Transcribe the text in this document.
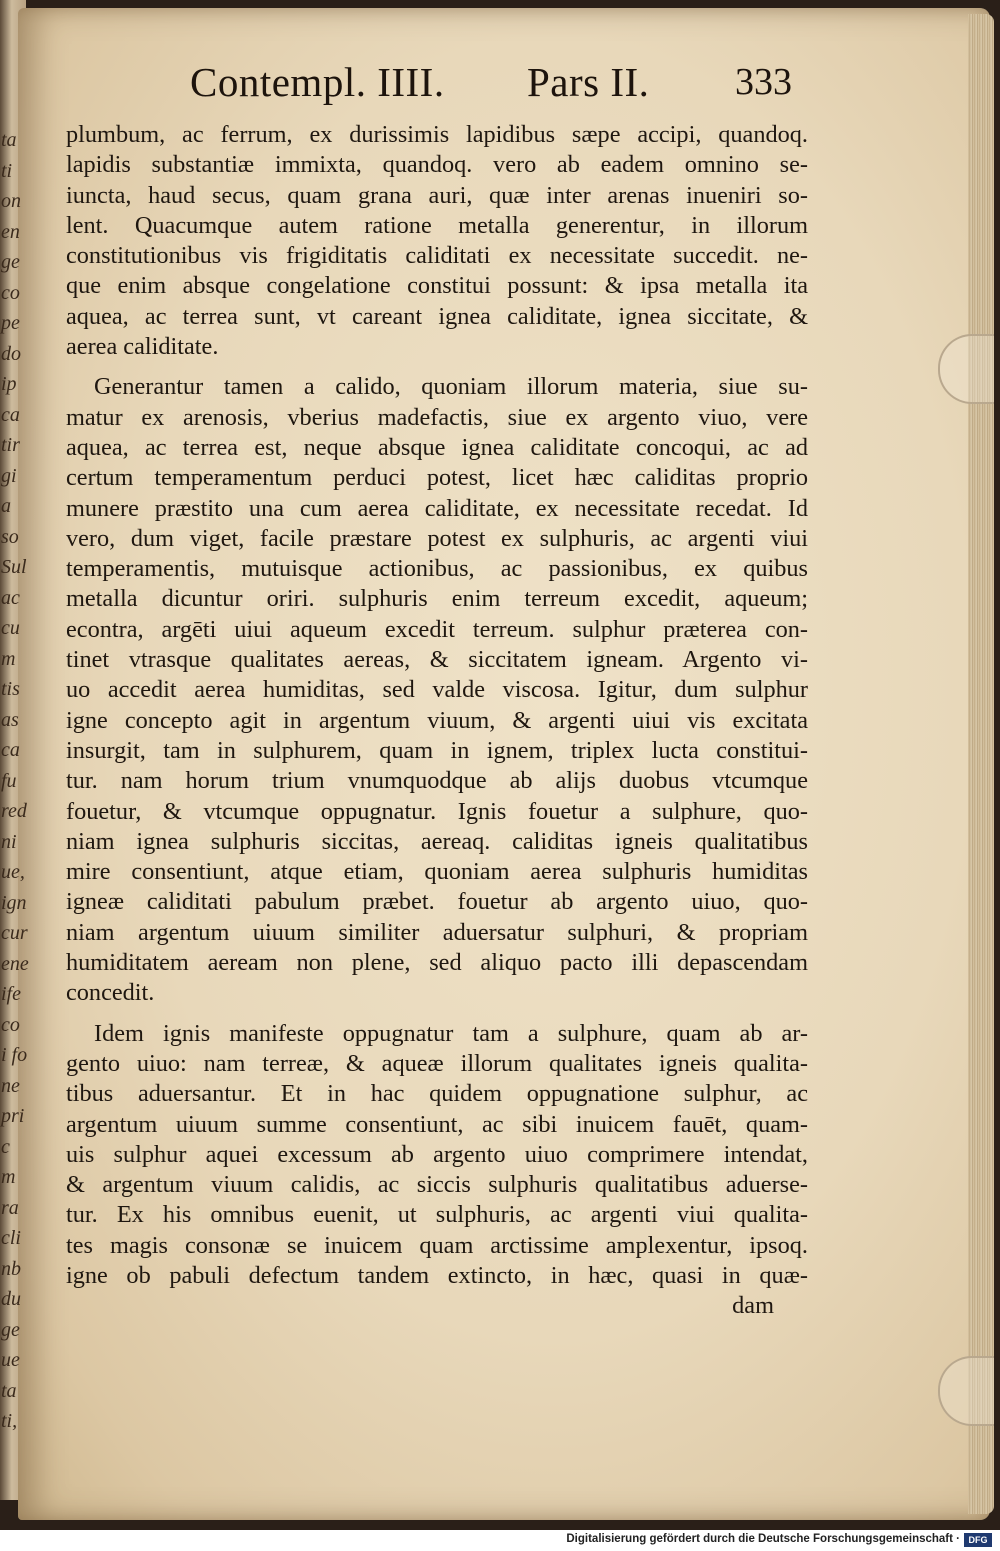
ta
ti
on
en
ge
co
pe
do
ip
ca
tir
gi
a
so
Sul
ac
cu
m
tis
as
ca
fu
red
ni
ue,
ign
cur
ene
ife
co
i fo
ne
pri
c
m
ra
cli
nb
du
ge
ue
ta
ti,
Contempl. IIII. Pars II. 333
plumbum, ac ferrum, ex durissimis lapidibus sæpe accipi, quandoq.
lapidis substantiæ immixta, quandoq. vero ab eadem omnino se-
iuncta, haud secus, quam grana auri, quæ inter arenas inueniri so-
lent. Quacumque autem ratione metalla generentur, in illorum
constitutionibus vis frigiditatis caliditati ex necessitate succedit. ne-
que enim absque congelatione constitui possunt: & ipsa metalla ita
aquea, ac terrea sunt, vt careant ignea caliditate, ignea siccitate, &
aerea caliditate.
Generantur tamen a calido, quoniam illorum materia, siue su-
matur ex arenosis, vberius madefactis, siue ex argento viuo, vere
aquea, ac terrea est, neque absque ignea caliditate concoqui, ac ad
certum temperamentum perduci potest, licet hæc caliditas proprio
munere præstito una cum aerea caliditate, ex necessitate recedat. Id
vero, dum viget, facile præstare potest ex sulphuris, ac argenti viui
temperamentis, mutuisque actionibus, ac passionibus, ex quibus
metalla dicuntur oriri. sulphuris enim terreum excedit, aqueum;
econtra, argēti uiui aqueum excedit terreum. sulphur præterea con-
tinet vtrasque qualitates aereas, & siccitatem igneam. Argento vi-
uo accedit aerea humiditas, sed valde viscosa. Igitur, dum sulphur
igne concepto agit in argentum viuum, & argenti uiui vis excitata
insurgit, tam in sulphurem, quam in ignem, triplex lucta constitui-
tur. nam horum trium vnumquodque ab alijs duobus vtcumque
fouetur, & vtcumque oppugnatur. Ignis fouetur a sulphure, quo-
niam ignea sulphuris siccitas, aereaq. caliditas igneis qualitatibus
mire consentiunt, atque etiam, quoniam aerea sulphuris humiditas
igneæ caliditati pabulum præbet. fouetur ab argento uiuo, quo-
niam argentum uiuum similiter aduersatur sulphuri, & propriam
humiditatem aeream non plene, sed aliquo pacto illi depascendam
concedit.
Idem ignis manifeste oppugnatur tam a sulphure, quam ab ar-
gento uiuo: nam terreæ, & aqueæ illorum qualitates igneis qualita-
tibus aduersantur. Et in hac quidem oppugnatione sulphur, ac
argentum uiuum summe consentiunt, ac sibi inuicem fauēt, quam-
uis sulphur aquei excessum ab argento uiuo comprimere intendat,
& argentum viuum calidis, ac siccis sulphuris qualitatibus aduerse-
tur. Ex his omnibus euenit, ut sulphuris, ac argenti viui qualita-
tes magis consonæ se inuicem quam arctissime amplexentur, ipsoq.
igne ob pabuli defectum tandem extincto, in hæc, quasi in quæ-
dam
Digitalisierung gefördert durch die Deutsche Forschungsgemeinschaft · DFG
